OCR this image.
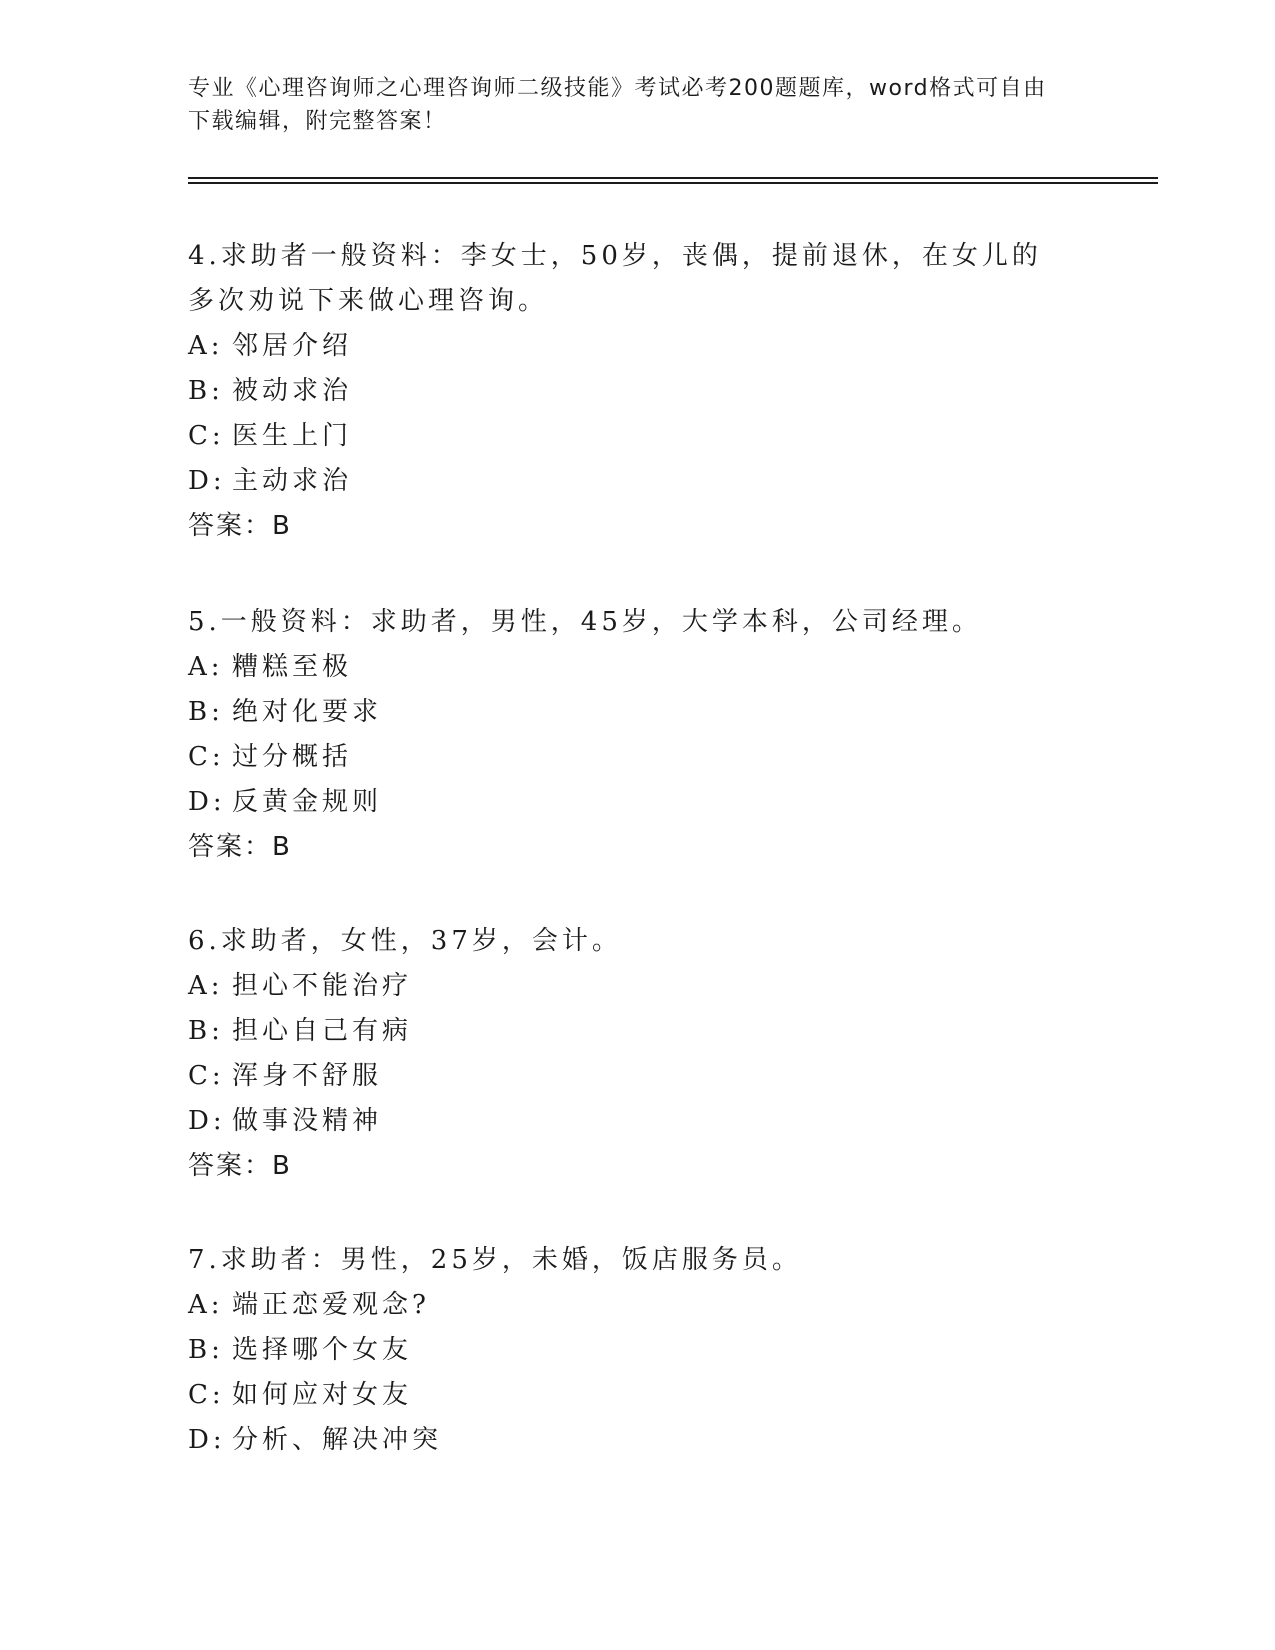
专业《心理咨询师之心理咨询师二级技能》考试必考200题题库，word格式可自由下载编辑，附完整答案！

4.求助者一般资料：李女士，50岁，丧偶，提前退休，在女儿的多次劝说下来做心理咨询。

A: 邻居介绍
B: 被动求治
C: 医生上门
D: 主动求治

答案：B

5.一般资料：求助者，男性，45岁，大学本科，公司经理。

A: 糟糕至极
B: 绝对化要求
C: 过分概括
D: 反黄金规则

答案：B

6.求助者，女性，37岁，会计。

A: 担心不能治疗
B: 担心自己有病
C: 浑身不舒服
D: 做事没精神

答案：B

7.求助者：男性，25岁，未婚，饭店服务员。

A: 端正恋爱观念?
B: 选择哪个女友
C: 如何应对女友
D: 分析、解决冲突
